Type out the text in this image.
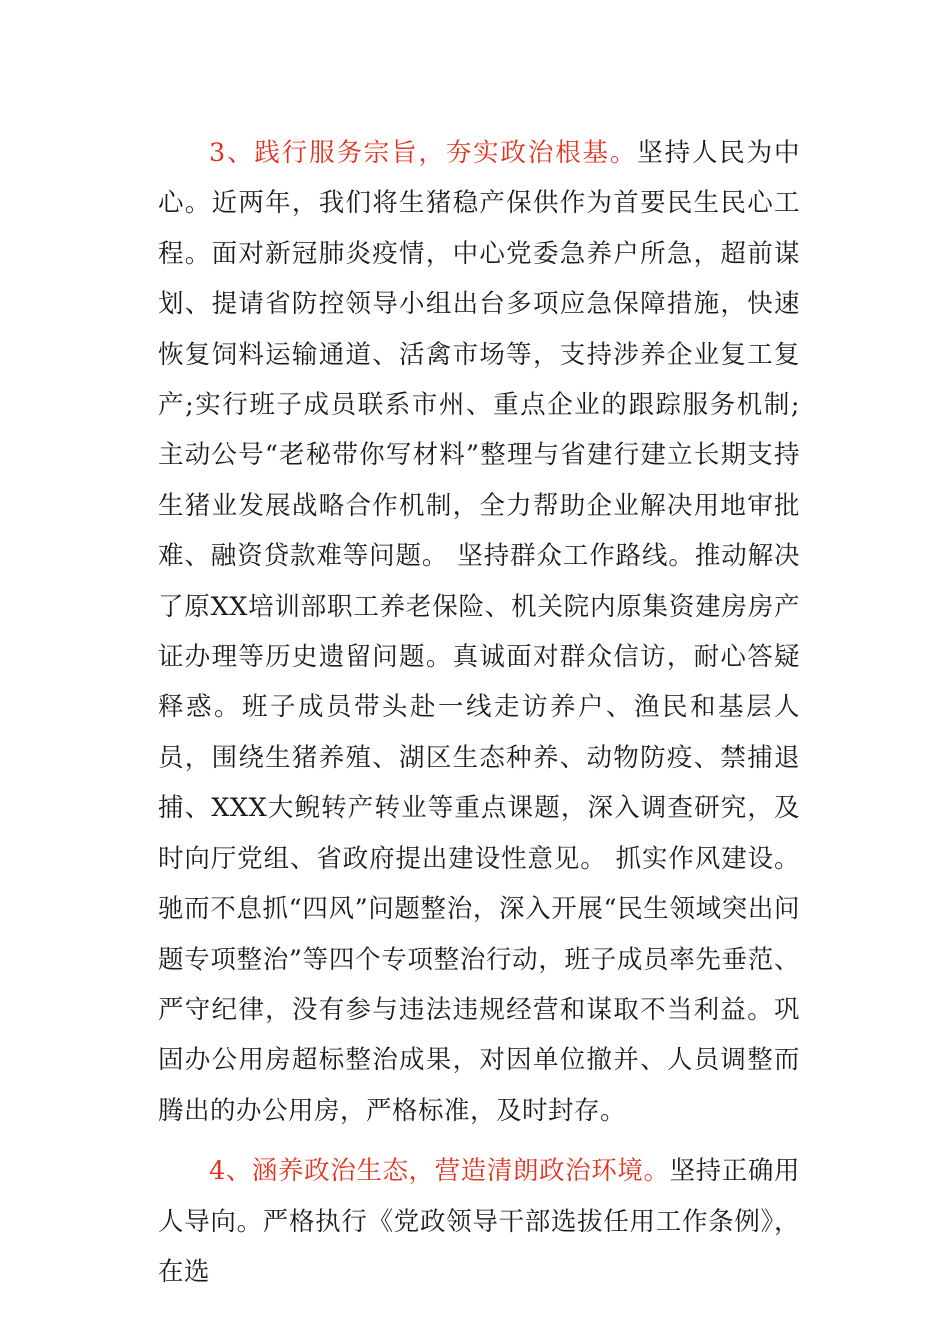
3、践行服务宗旨，夯实政治根基。坚持人民为中心。近两年，我们将生猪稳产保供作为首要民生民心工程。面对新冠肺炎疫情，中心党委急养户所急，超前谋划、提请省防控领导小组出台多项应急保障措施，快速恢复饲料运输通道、活禽市场等，支持涉养企业复工复产;实行班子成员联系市州、重点企业的跟踪服务机制;主动公号“老秘带你写材料”整理与省建行建立长期支持生猪业发展战略合作机制，全力帮助企业解决用地审批难、融资贷款难等问题。 坚持群众工作路线。推动解决了原XX培训部职工养老保险、机关院内原集资建房房产证办理等历史遗留问题。真诚面对群众信访，耐心答疑释惑。班子成员带头赴一线走访养户、渔民和基层人员，围绕生猪养殖、湖区生态种养、动物防疫、禁捕退捕、XXX大鲵转产转业等重点课题，深入调查研究，及时向厅党组、省政府提出建设性意见。 抓实作风建设。驰而不息抓“四风”问题整治，深入开展“民生领域突出问题专项整治”等四个专项整治行动，班子成员率先垂范、严守纪律，没有参与违法违规经营和谋取不当利益。巩固办公用房超标整治成果，对因单位撤并、人员调整而腾出的办公用房，严格标准，及时封存。

4、涵养政治生态，营造清朗政治环境。坚持正确用人导向。严格执行《党政领导干部选拔任用工作条例》，在选
